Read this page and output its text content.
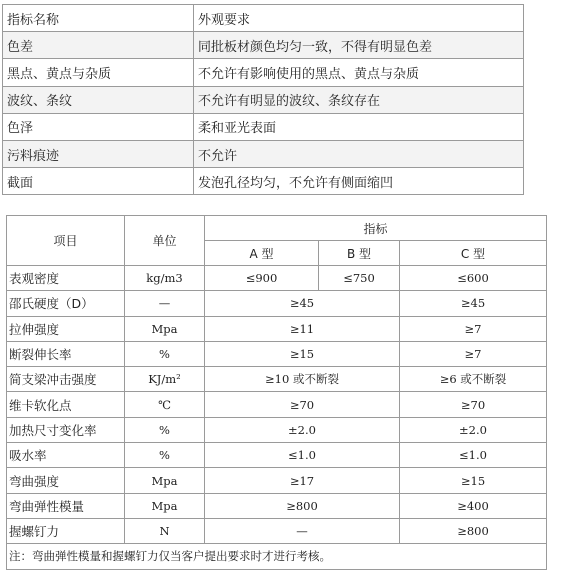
指标名称	外观要求
色差	同批板材颜色均匀一致，不得有明显色差
黑点、黄点与杂质	不允许有影响使用的黑点、黄点与杂质
波纹、条纹	不允许有明显的波纹、条纹存在
色泽	柔和亚光表面
污料痕迹	不允许
截面	发泡孔径均匀，不允许有侧面缩凹
项目	单位	指标		
		A 型	B 型	C 型
表观密度	kg/m3	≤900	≤750	≤600
邵氏硬度（D）	—	≥45		≥45
拉伸强度	Mpa	≥11		≥7
断裂伸长率	%	≥15		≥7
简支梁冲击强度	KJ/m²	≥10 或不断裂		≥6 或不断裂
维卡软化点	℃	≥70		≥70
加热尺寸变化率	%	±2.0		±2.0
吸水率	%	≤1.0		≤1.0
弯曲强度	Mpa	≥17		≥15
弯曲弹性模量	Mpa	≥800		≥400
握螺钉力	N	—		≥800
注：弯曲弹性模量和握螺钉力仅当客户提出要求时才进行考核。				
